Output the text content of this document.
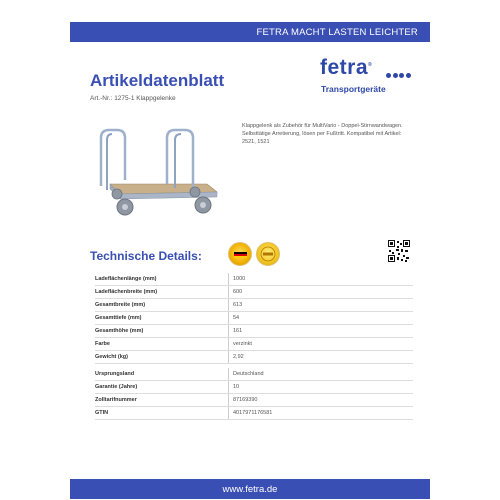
FETRA MACHT LASTEN LEICHTER
Artikeldatenblatt
Art.-Nr.: 1275-1 Klappgelenke
fetra®
Transportgeräte
Klappgelenk als Zubehör für MultiVario - Doppel-Stirnwandwagen. Selbsttätige Arretierung, lösen per Fußtritt. Kompatibel mit Artikel: 2521, 1521
Technische Details:
Ladeflächenlänge (mm)	1000
Ladeflächenbreite (mm)	600
Gesamtbreite (mm)	613
Gesamttiefe (mm)	54
Gesamthöhe (mm)	161
Farbe	verzinkt
Gewicht (kg)	2,92
Ursprungsland	Deutschland
Garantie (Jahre)	10
Zolltarifnummer	87169390
GTIN	4017971176581
www.fetra.de
